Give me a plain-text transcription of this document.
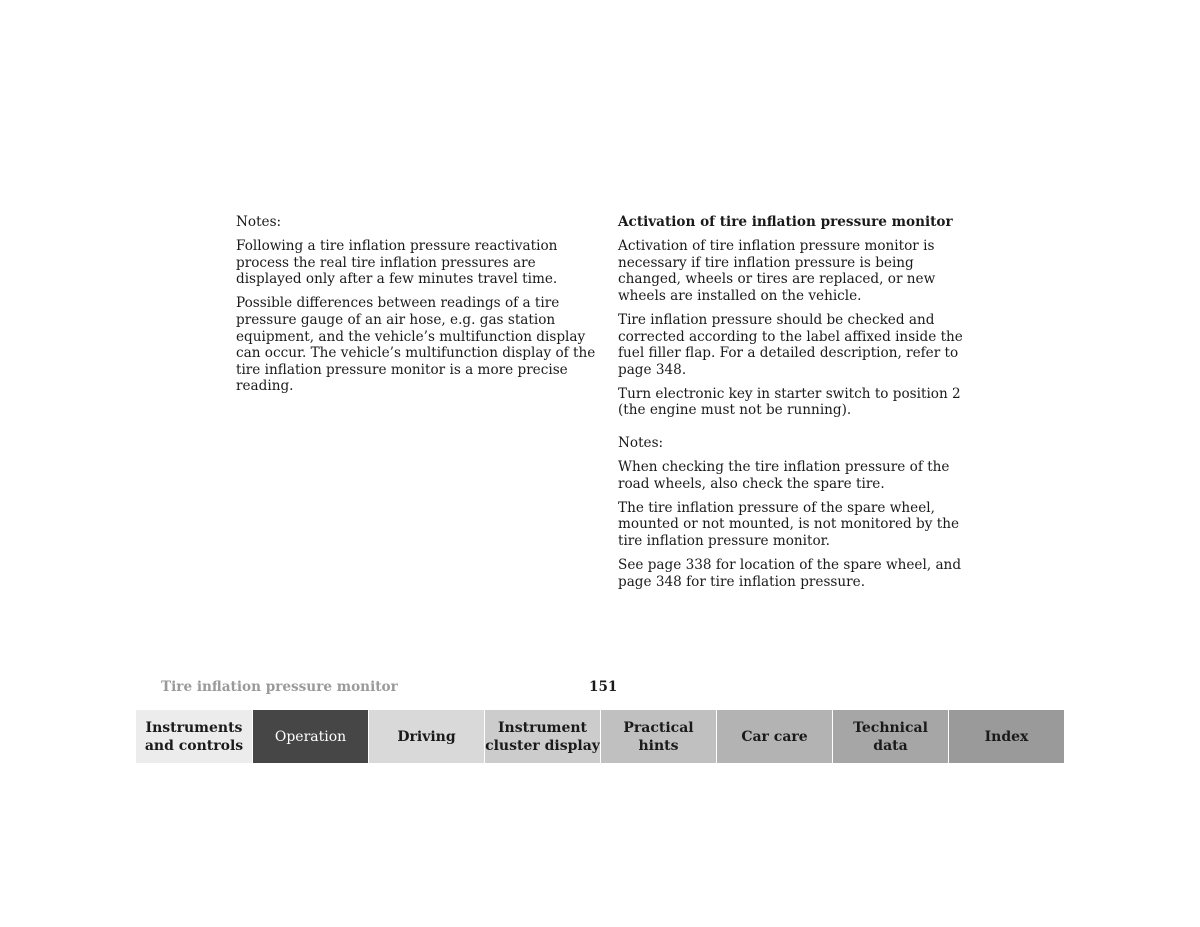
Notes:

Following a tire inflation pressure reactivation process the real tire inflation pressures are displayed only after a few minutes travel time.

Possible differences between readings of a tire pressure gauge of an air hose, e.g. gas station equipment, and the vehicle’s multifunction display can occur. The vehicle’s multifunction display of the tire inflation pressure monitor is a more precise reading.

Activation of tire inflation pressure monitor

Activation of tire inflation pressure monitor is necessary if tire inflation pressure is being changed, wheels or tires are replaced, or new wheels are installed on the vehicle.

Tire inflation pressure should be checked and corrected according to the label affixed inside the fuel filler flap. For a detailed description, refer to page 348.

Turn electronic key in starter switch to position 2 (the engine must not be running).

Notes:

When checking the tire inflation pressure of the road wheels, also check the spare tire.

The tire inflation pressure of the spare wheel, mounted or not mounted, is not monitored by the tire inflation pressure monitor.

See page 338 for location of the spare wheel, and page 348 for tire inflation pressure.

Tire inflation pressure monitor	151
Instruments
and controls
Operation	Driving
Instrument
cluster display
Practical hints
Car care
Technical
data
Index
